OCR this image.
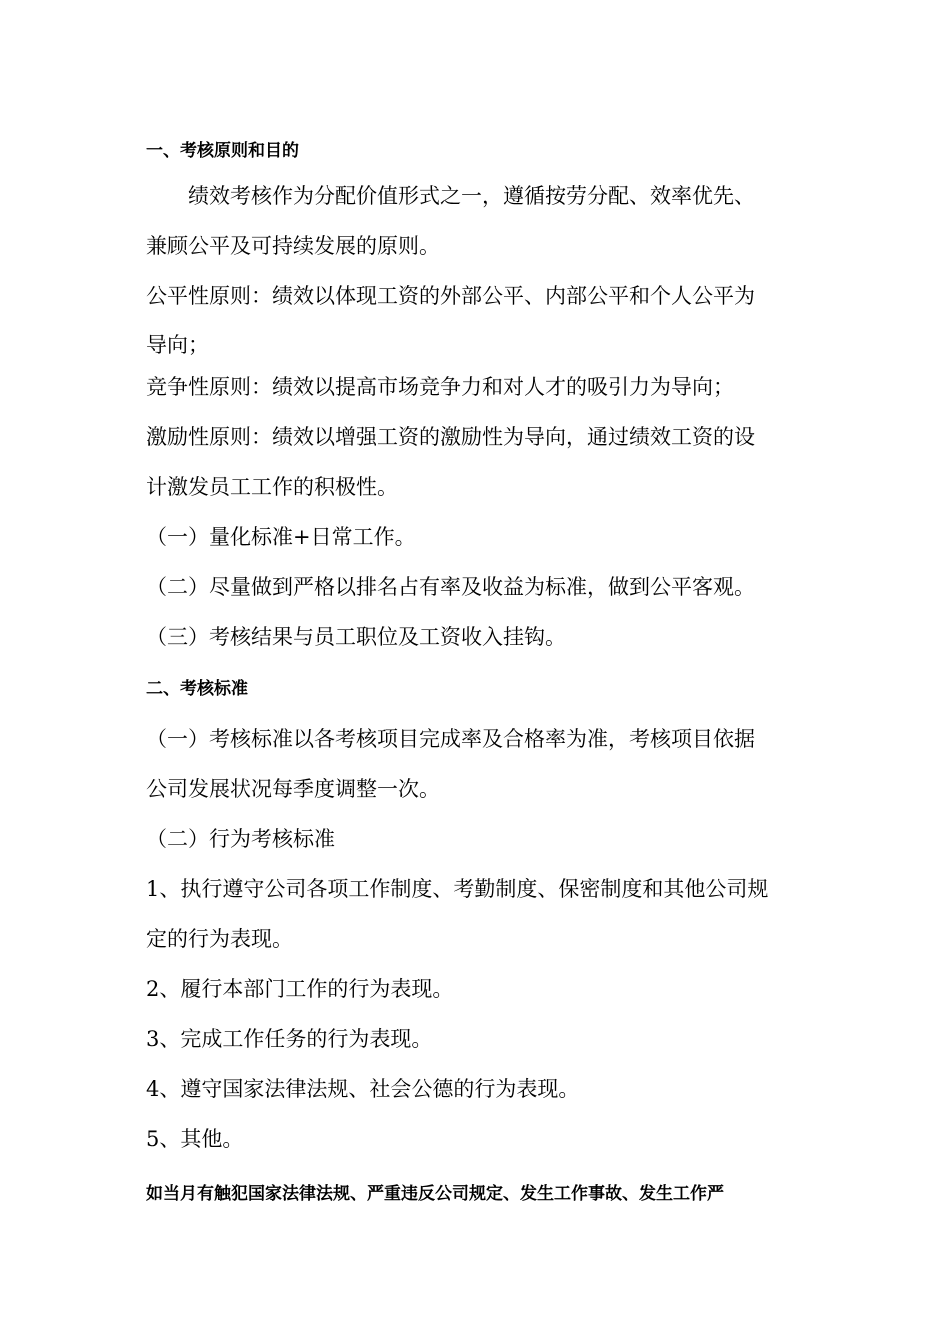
一、考核原则和目的
绩效考核作为分配价值形式之一，遵循按劳分配、效率优先、
兼顾公平及可持续发展的原则。
公平性原则：绩效以体现工资的外部公平、内部公平和个人公平为
导向；
竞争性原则：绩效以提高市场竞争力和对人才的吸引力为导向；
激励性原则：绩效以增强工资的激励性为导向，通过绩效工资的设
计激发员工工作的积极性。
（一）量化标准+日常工作。
（二）尽量做到严格以排名占有率及收益为标准，做到公平客观。
（三）考核结果与员工职位及工资收入挂钩。
二、考核标准
（一）考核标准以各考核项目完成率及合格率为准，考核项目依据
公司发展状况每季度调整一次。
（二）行为考核标准
1、执行遵守公司各项工作制度、考勤制度、保密制度和其他公司规
定的行为表现。
2、履行本部门工作的行为表现。
3、完成工作任务的行为表现。
4、遵守国家法律法规、社会公德的行为表现。
5、其他。
如当月有触犯国家法律法规、严重违反公司规定、发生工作事故、发生工作严
